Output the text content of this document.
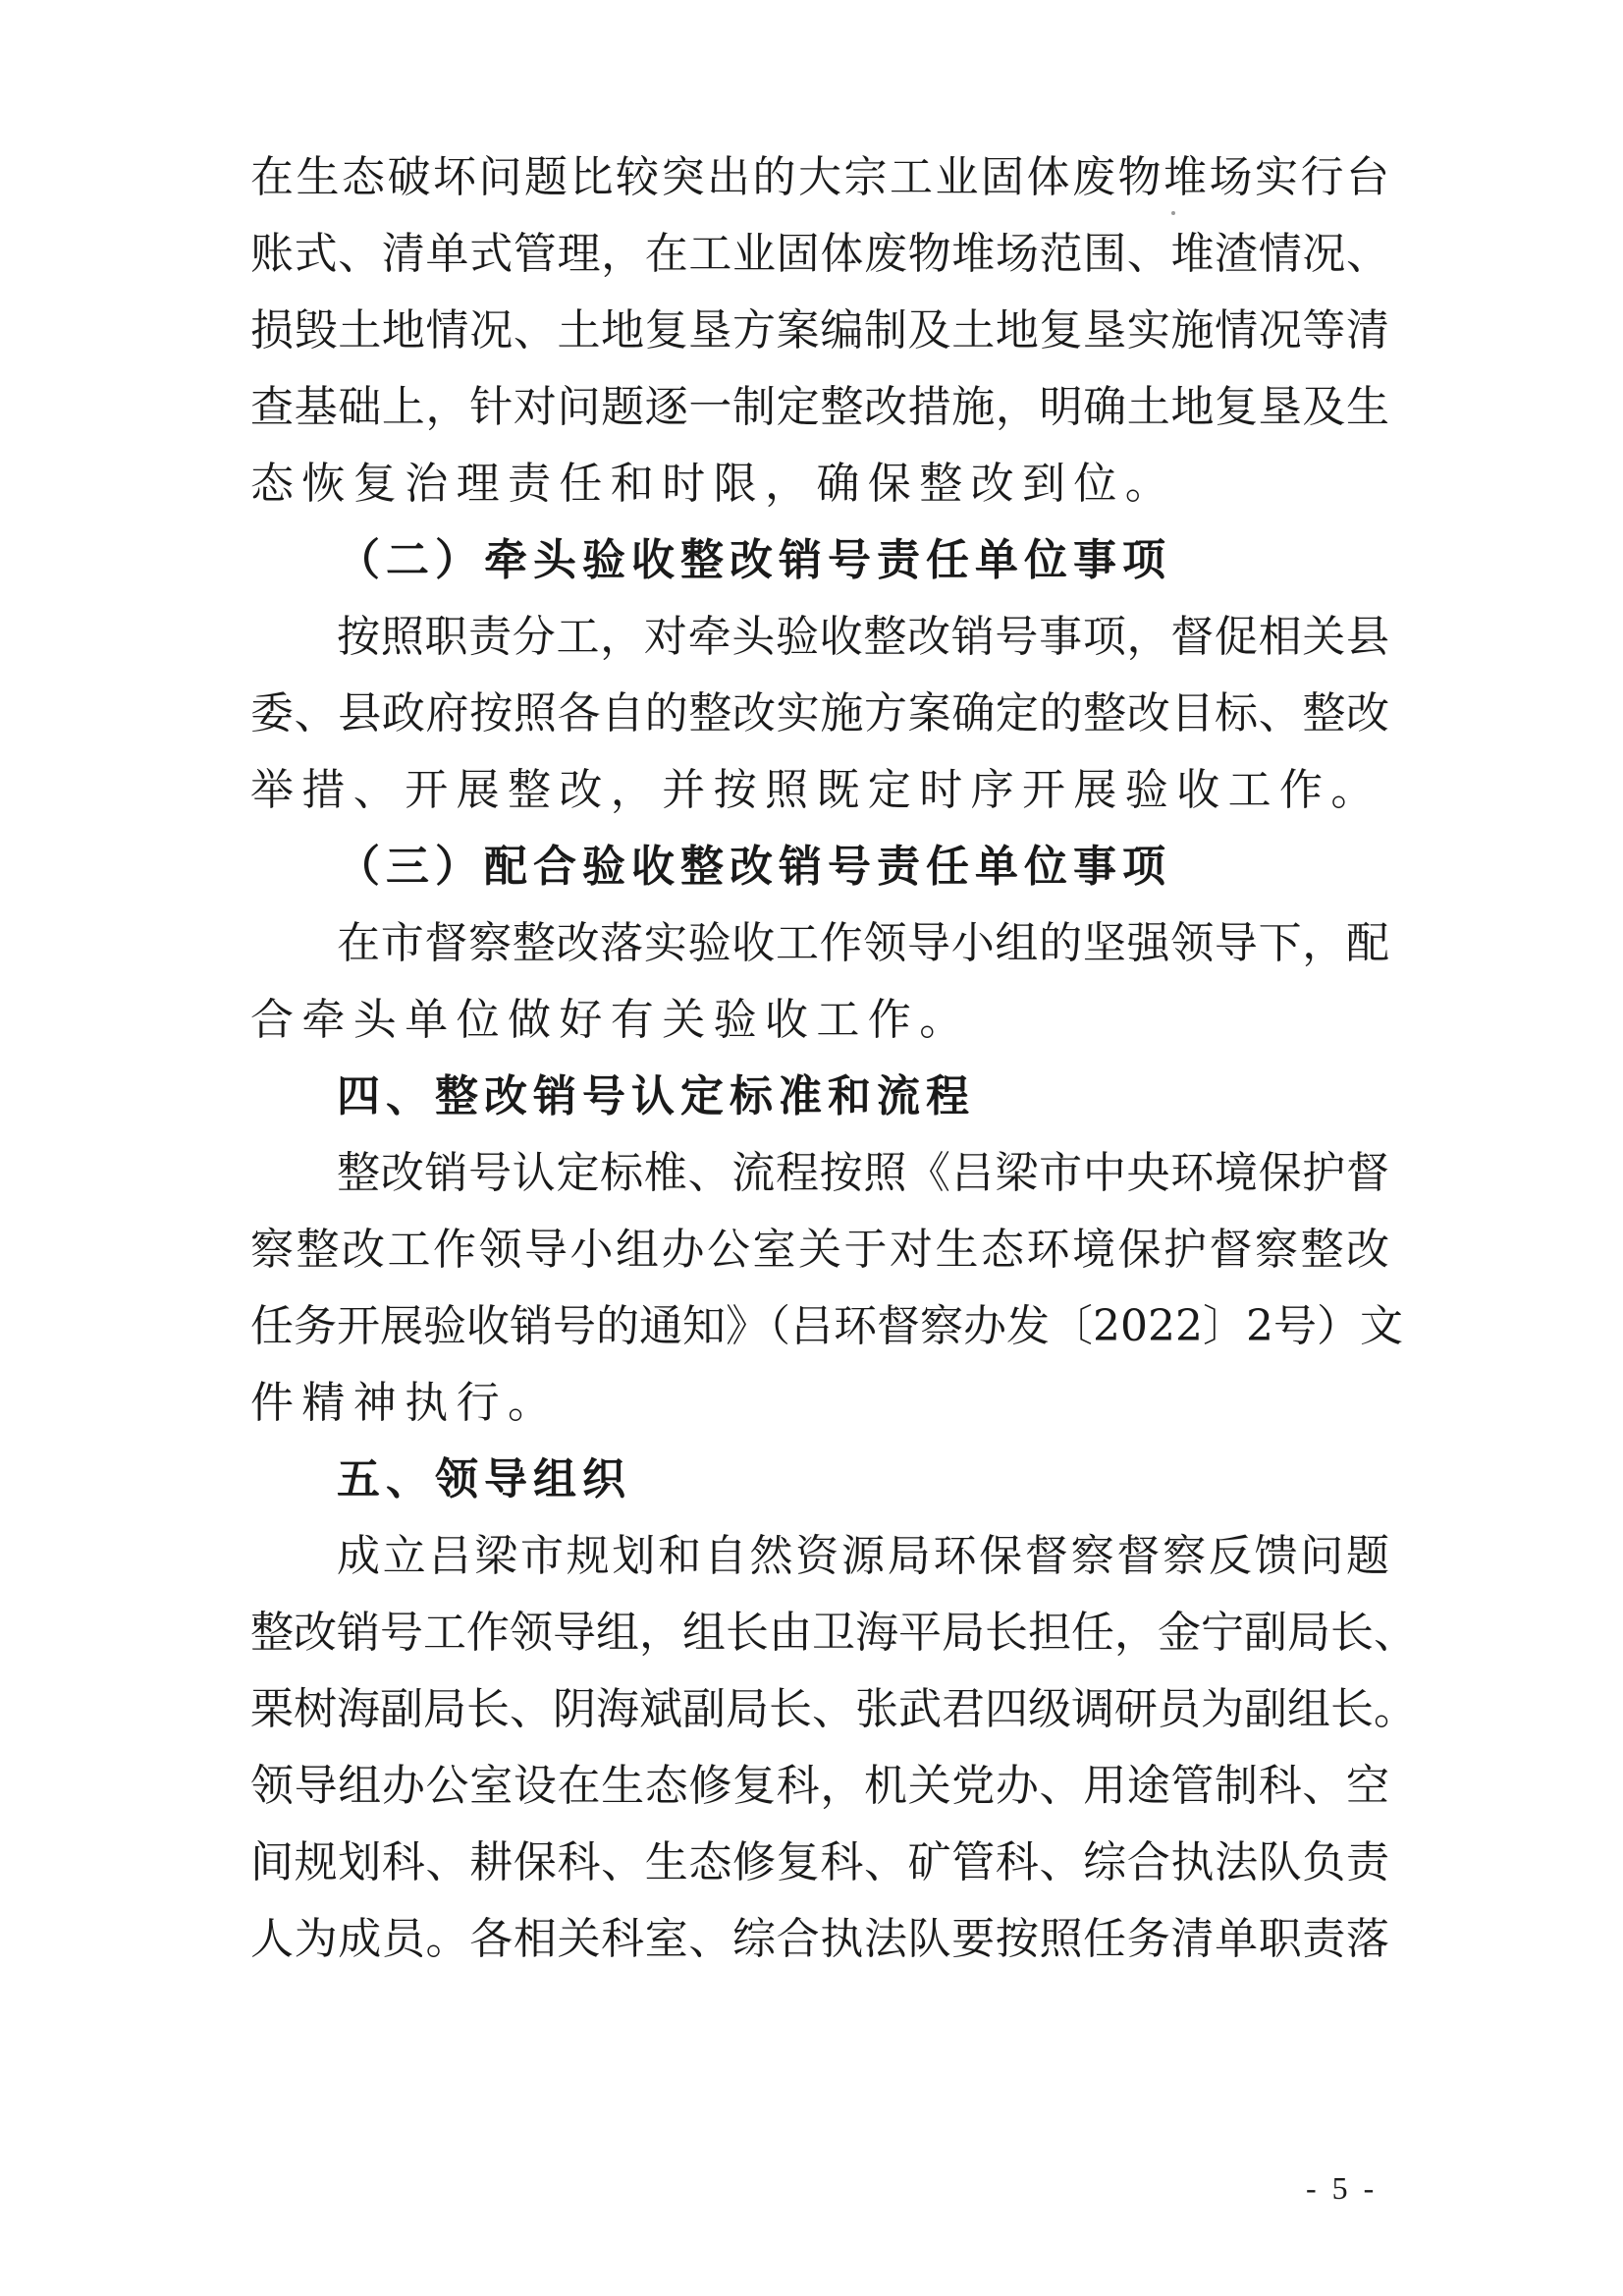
在生态破坏问题比较突出的大宗工业固体废物堆场实行台
账式、清单式管理，在工业固体废物堆场范围、堆渣情况、
损毁土地情况、土地复垦方案编制及土地复垦实施情况等清
查基础上，针对问题逐一制定整改措施，明确土地复垦及生
态恢复治理责任和时限，确保整改到位。
（二）牵头验收整改销号责任单位事项
按照职责分工，对牵头验收整改销号事项，督促相关县
委、县政府按照各自的整改实施方案确定的整改目标、整改
举措、开展整改，并按照既定时序开展验收工作。
（三）配合验收整改销号责任单位事项
在市督察整改落实验收工作领导小组的坚强领导下，配
合牵头单位做好有关验收工作。
四、整改销号认定标准和流程
整改销号认定标椎、流程按照《吕梁市中央环境保护督
察整改工作领导小组办公室关于对生态环境保护督察整改
任务开展验收销号的通知》（吕环督察办发〔2022〕2号）文
件精神执行。
五、领导组织
成立吕梁市规划和自然资源局环保督察督察反馈问题
整改销号工作领导组，组长由卫海平局长担任，金宁副局长、
栗树海副局长、阴海斌副局长、张武君四级调研员为副组长。
领导组办公室设在生态修复科，机关党办、用途管制科、空
间规划科、耕保科、生态修复科、矿管科、综合执法队负责
人为成员。各相关科室、综合执法队要按照任务清单职责落
- 5 -
